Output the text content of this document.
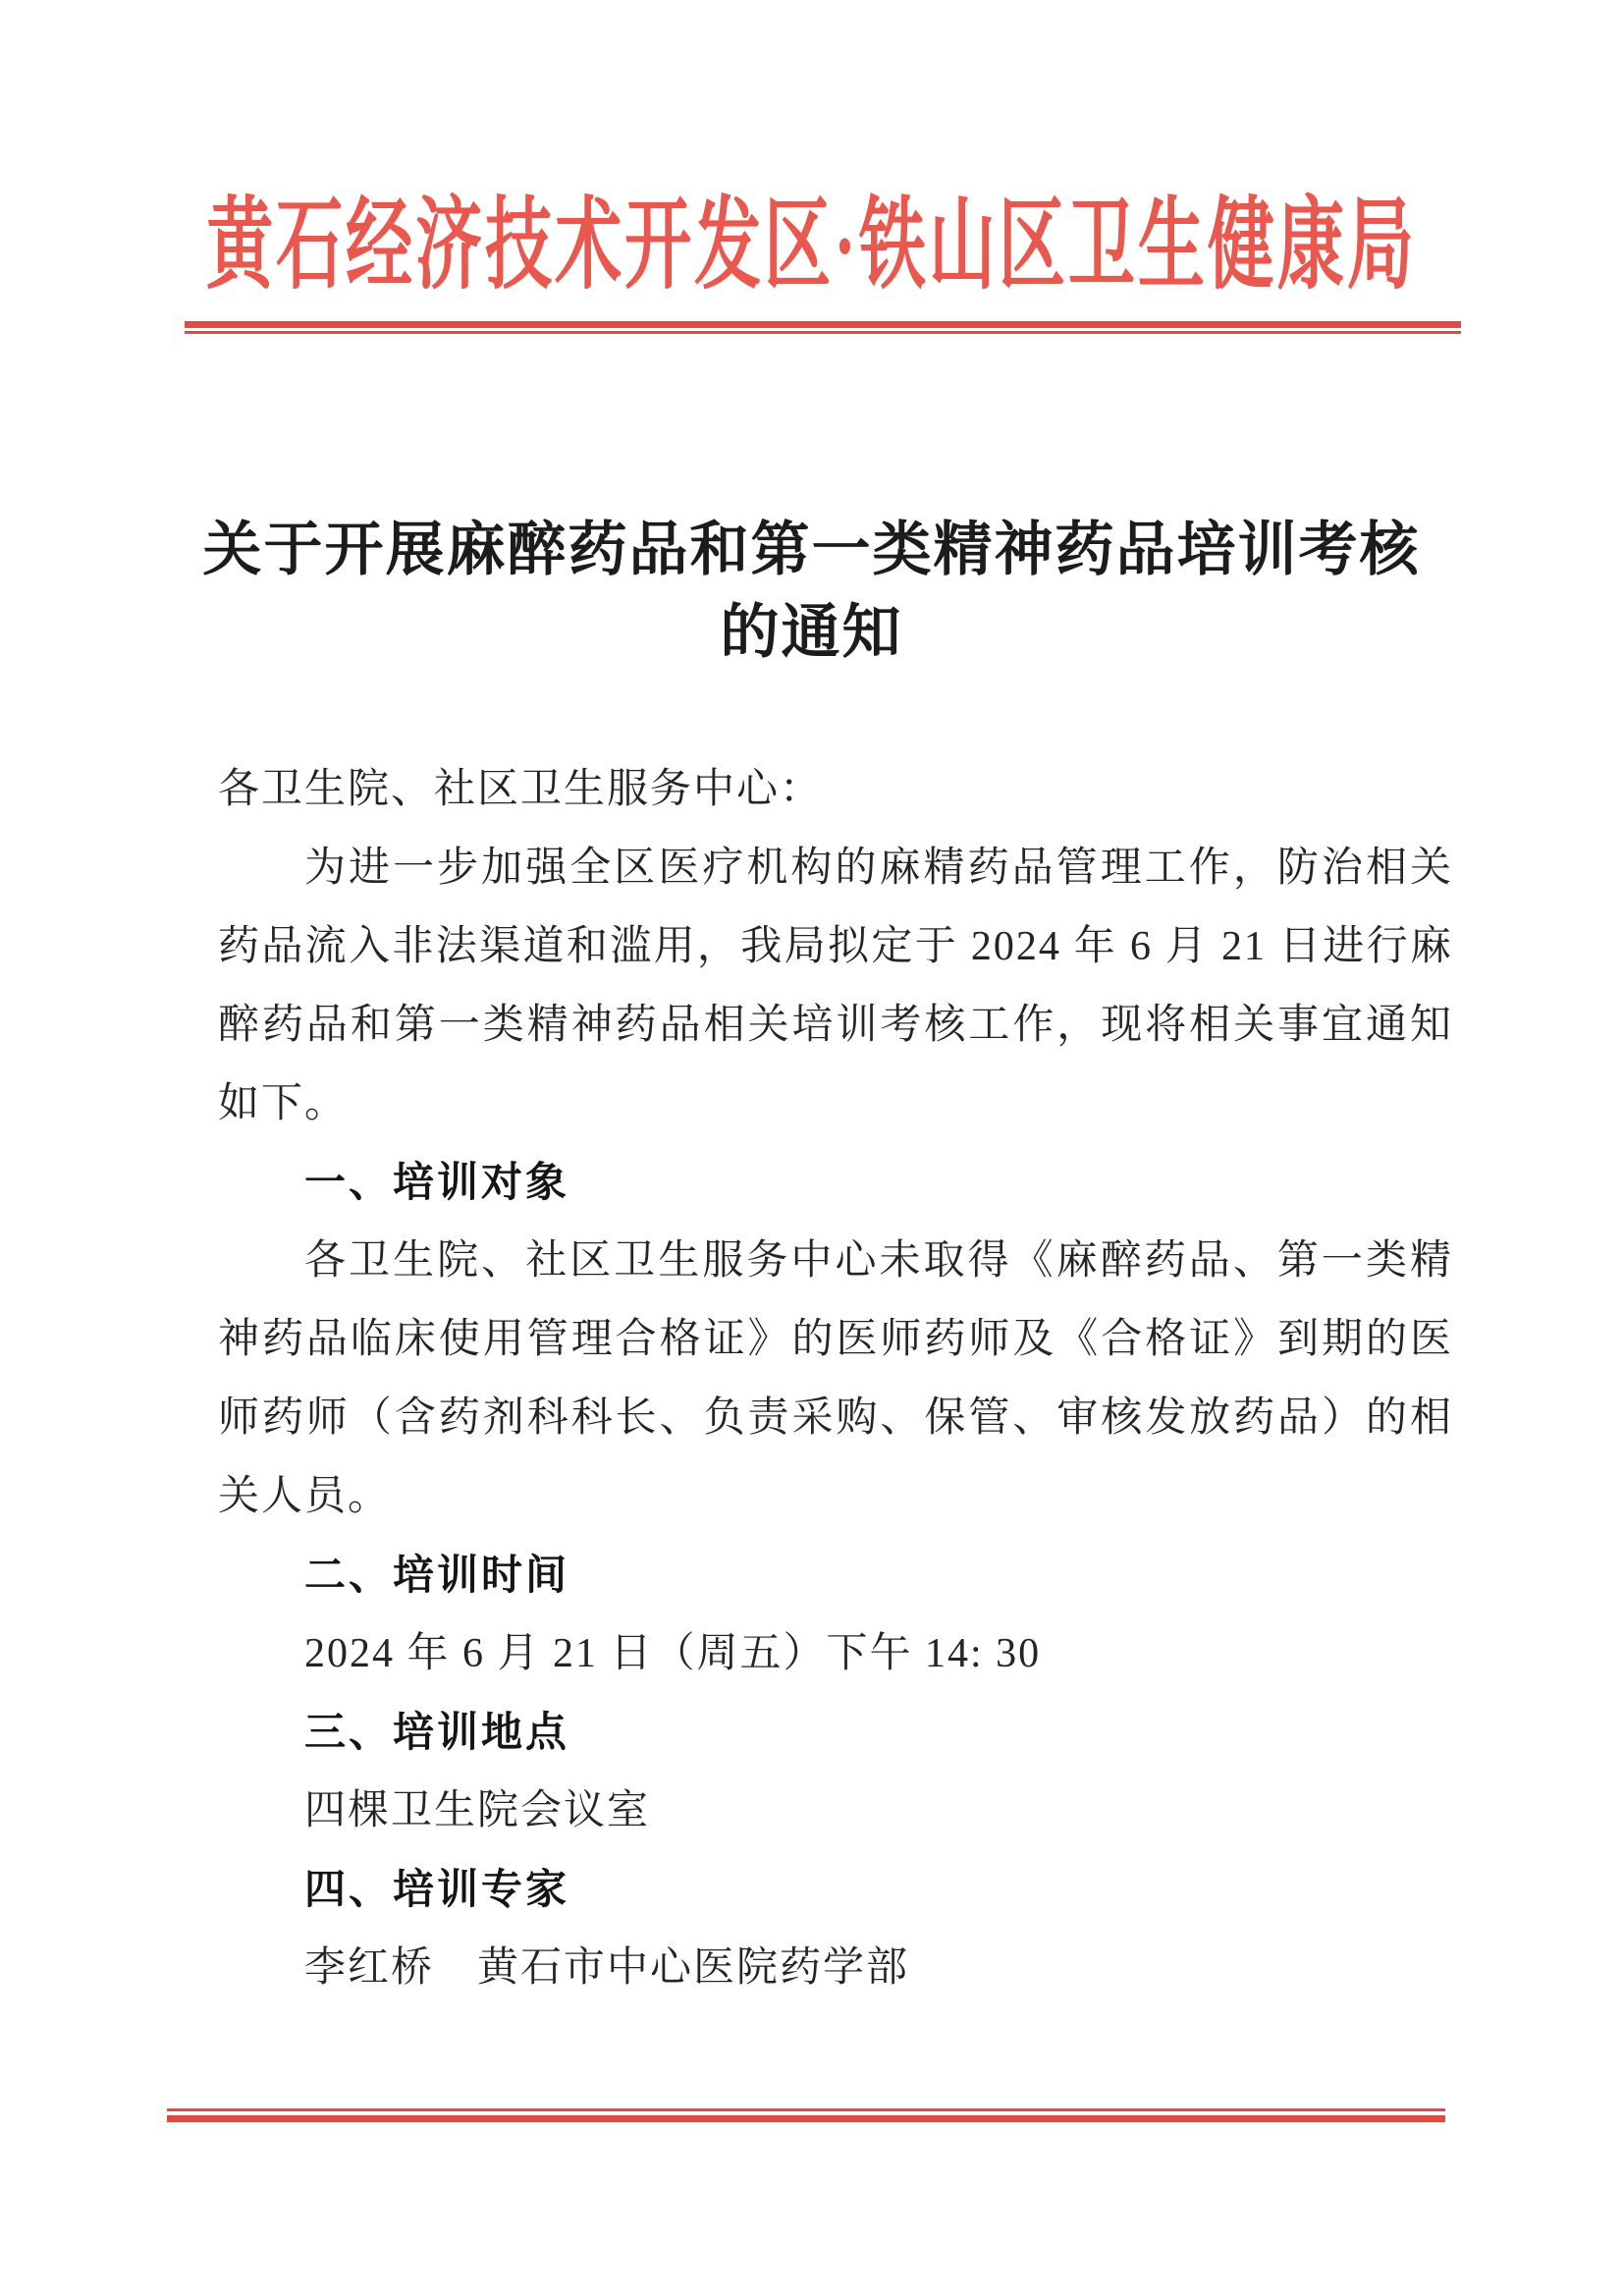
黄石经济技术开发区·铁山区卫生健康局
关于开展麻醉药品和第一类精神药品培训考核
的通知

各卫生院、社区卫生服务中心：

为进一步加强全区医疗机构的麻精药品管理工作，防治相关药品流入非法渠道和滥用，我局拟定于 2024 年 6 月 21 日进行麻醉药品和第一类精神药品相关培训考核工作，现将相关事宜通知如下。

一、培训对象

各卫生院、社区卫生服务中心未取得《麻醉药品、第一类精神药品临床使用管理合格证》的医师药师及《合格证》到期的医师药师（含药剂科科长、负责采购、保管、审核发放药品）的相关人员。

二、培训时间

2024 年 6 月 21 日（周五）下午 14: 30

三、培训地点

四棵卫生院会议室

四、培训专家

李红桥　黄石市中心医院药学部
